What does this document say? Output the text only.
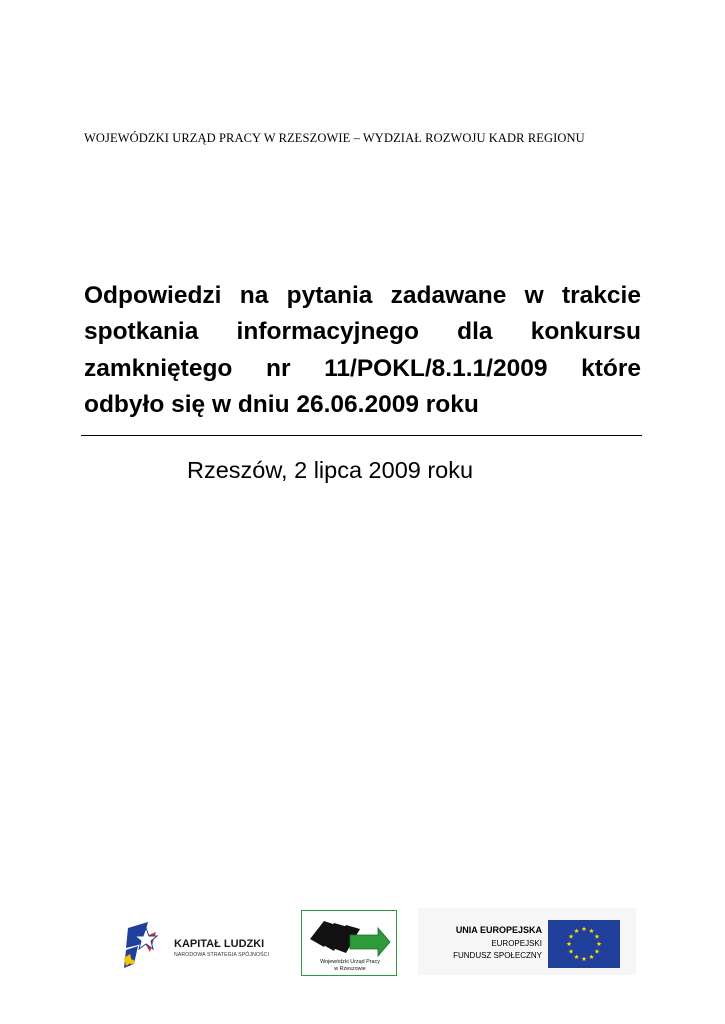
WOJEWÓDZKI URZĄD PRACY W RZESZOWIE – WYDZIAŁ ROZWOJU KADR REGIONU
Odpowiedzi na pytania zadawane w trakcie
spotkania informacyjnego dla konkursu
zamkniętego nr 11/POKL/8.1.1/2009 które
odbyło się w dniu 26.06.2009 roku
Rzeszów, 2 lipca 2009 roku
KAPITAŁ LUDZKI
NARODOWA STRATEGIA SPÓJNOŚCI
Wojewódzki Urząd Pracy
w Rzeszowie
UNIA EUROPEJSKA
EUROPEJSKI
FUNDUSZ SPOŁECZNY
